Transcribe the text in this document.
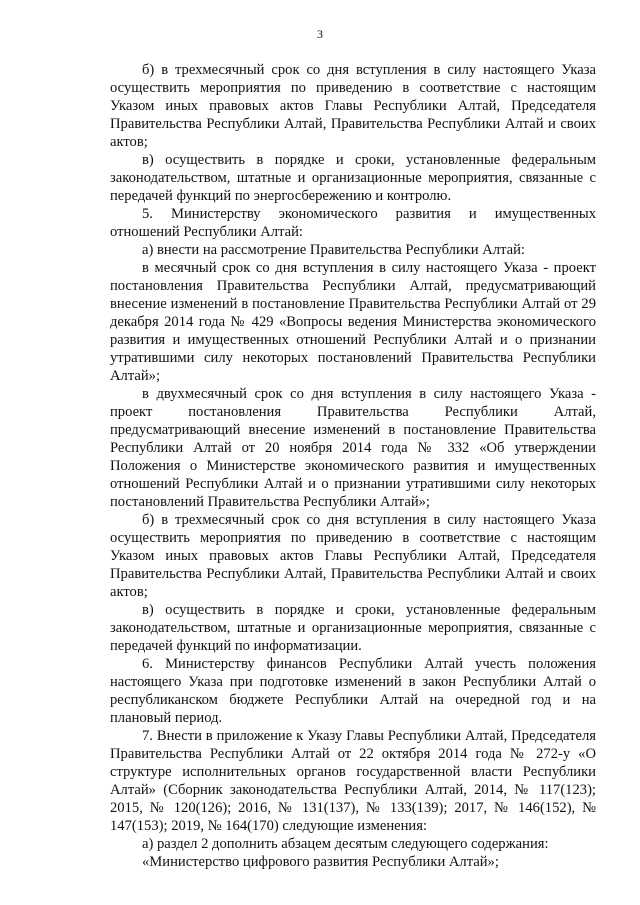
3

б) в трехмесячный срок со дня вступления в силу настоящего Указа осуществить мероприятия по приведению в соответствие с настоящим Указом иных правовых актов Главы Республики Алтай, Председателя Правительства Республики Алтай, Правительства Республики Алтай и своих актов;

в) осуществить в порядке и сроки, установленные федеральным законодательством, штатные и организационные мероприятия, связанные с передачей функций по энергосбережению и контролю.

5. Министерству экономического развития и имущественных отношений Республики Алтай:

а) внести на рассмотрение Правительства Республики Алтай:

в месячный срок со дня вступления в силу настоящего Указа - проект постановления Правительства Республики Алтай, предусматривающий внесение изменений в постановление Правительства Республики Алтай от 29 декабря 2014 года № 429 «Вопросы ведения Министерства экономического развития и имущественных отношений Республики Алтай и о признании утратившими силу некоторых постановлений Правительства Республики Алтай»;

в двухмесячный срок со дня вступления в силу настоящего Указа - проект постановления Правительства Республики Алтай, предусматривающий внесение изменений в постановление Правительства Республики Алтай от 20 ноября 2014 года № 332 «Об утверждении Положения о Министерстве экономического развития и имущественных отношений Республики Алтай и о признании утратившими силу некоторых постановлений Правительства Республики Алтай»;

б) в трехмесячный срок со дня вступления в силу настоящего Указа осуществить мероприятия по приведению в соответствие с настоящим Указом иных правовых актов Главы Республики Алтай, Председателя Правительства Республики Алтай, Правительства Республики Алтай и своих актов;

в) осуществить в порядке и сроки, установленные федеральным законодательством, штатные и организационные мероприятия, связанные с передачей функций по информатизации.

6. Министерству финансов Республики Алтай учесть положения настоящего Указа при подготовке изменений в закон Республики Алтай о республиканском бюджете Республики Алтай на очередной год и на плановый период.

7. Внести в приложение к Указу Главы Республики Алтай, Председателя Правительства Республики Алтай от 22 октября 2014 года № 272-у «О структуре исполнительных органов государственной власти Республики Алтай» (Сборник законодательства Республики Алтай, 2014, № 117(123); 2015, № 120(126); 2016, № 131(137), № 133(139); 2017, № 146(152), № 147(153); 2019, № 164(170) следующие изменения:

а) раздел 2 дополнить абзацем десятым следующего содержания:

«Министерство цифрового развития Республики Алтай»;
